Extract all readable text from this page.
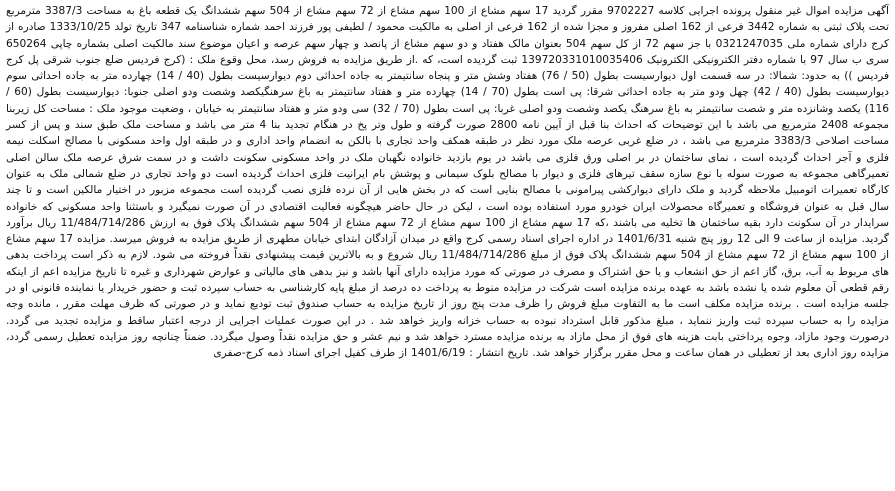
آگهی مزایده اموال غیر منقول پرونده اجرایی کلاسه 9702227 مقرر گردید 17 سهم مشاع از 100 سهم مشاع از 72 سهم مشاع از 504 سهم ششدانگ یک قطعه باغ به مساحت 3387/3 مترمربع تحت پلاک ثبتی به شماره 3442 فرعی از 162 اصلی مفروز و مجزا شده از 162 فرعی از اصلی به مالکیت محمود / لطیفی پور فرزند احمد شماره شناسنامه 347 تاریخ تولد 1333/10/25 صادره از کرج دارای شماره ملی 0321247035 با جز سهم 72 از کل سهم 504 بعنوان مالک هفتاد و دو سهم مشاع از پانصد و چهار سهم عرصه و اعیان موضوع سند مالکیت اصلی بشماره چاپی 650264 سری ب سال 97 با شماره دفتر الکترونیکی الکترونیک 139720331010035406 ثبت گردیده است، که .از طریق مزایده به فروش رسد، محل وقوع ملک : (کرج فردیس ضلع جنوب شرقی پل کرج فردیس )) به حدود: شمالا: در سه قسمت اول دیوارسیست بطول (50 / 76) هفتاد وشش متر و پنجاه سانتیمتر به جاده احداثی دوم دیوارسیست بطول (40 / 14) چهارده متر به جاده احداثی سوم دیوارسیست بطول (40 / 42) چهل ودو متر به جاده احداثی شرقا: پی است بطول (70 / 14) چهارده متر و هفتاد سانتیمتر به باغ سرهنگیکصد وشصت ودو اصلی جنوبا: دیوارسیست بطول (60 / 116) یکصد وشانزده متر و شصت سانتیمتر به باغ سرهنگ یکصد وشصت ودو اصلی غربا: پی است بطول (70 / 32) سی ودو متر و هفتاد سانتیمتر به خیابان ، وضعیت موجود ملک : مساحت کل زیربنا مجموعه 2408 مترمربع می باشد با این توضیحات که احداث بنا قبل از آیین نامه 2800 صورت گرفته و طول وتر پخ در هنگام تجدید بنا 4 متر می باشد و مساحت ملک طبق سند و پس از کسر مساحت اصلاحی 3383/3 مترمربع می باشد ، در ضلع غربی عرصه ملک مورد نظر در طبقه همکف واحد تجاری با بالکن به انضمام واحد اداری و در طبقه اول واحد مسکونی با مصالح اسکلت نیمه فلزی و آجر احداث گردیده است ، نمای ساختمان در بر اصلی ورق فلزی می باشد در یوم بازدید خانواده نگهبان ملک در واحد مسکونی سکونت داشت و در سمت شرق عرصه ملک سالن اصلی تعمیرگاهی مجموعه به صورت سوله با نوع سازه سقف تیرهای فلزی و دیوار با مصالح بلوک سیمانی و پوشش بام ایرانیت فلزی احداث گردیده است دو واحد تجاری در ضلع شمالی ملک به عنوان کارگاه تعمیرات اتومبیل ملاحظه گردید و ملک دارای دیوارکشی پیرامونی با مصالح بنایی است که در بخش هایی از آن نرده فلزی نصب گردیده است مجموعه مزبور در اختیار مالکین است و تا چند سال قبل به عنوان فروشگاه و تعمیرگاه محصولات ایران خودرو مورد استفاده بوده است ، لیکن در حال حاضر هیچگونه فعالیت اقتصادی در آن صورت نمیگیرد و باستثنا واحد مسکونی که خانواده سرایدار در آن سکونت دارد بقیه ساختمان ها تخلیه می باشند ،که 17 سهم مشاع از 100 سهم مشاع از 72 سهم مشاع از 504 سهم ششدانگ پلاک فوق به ارزش 11/484/714/286 ریال برآورد گردید. مزایده از ساعت 9 الی 12 روز پنج شنبه 1401/6/31 در اداره اجرای اسناد رسمی کرج واقع در میدان آزادگان ابتدای خیابان مطهری از طریق مزایده به فروش میرسد. مزایده 17 سهم مشاع از 100 سهم مشاع از 72 سهم مشاع از 504 سهم ششدانگ پلاک فوق از مبلغ 11/484/714/286 ریال شروع و به بالاترین قیمت پیشنهادی نقداً فروخته می شود. لازم به ذکر است پرداخت بدهی های مربوط به آب، برق، گاز اعم از حق انشعاب و یا حق اشتراک و مصرف در صورتی که مورد مزایده دارای آنها باشد و نیز بدهی های مالیاتی و عوارض شهرداری و غیره تا تاریخ مزایده اعم از اینکه رقم قطعی آن معلوم شده یا نشده باشد به عهده برنده مزایده است شرکت در مزایده منوط به پرداخت ده درصد از مبلغ پایه کارشناسی به حساب سپرده ثبت و حضور خریدار یا نماینده قانونی او در جلسه مزایده است . برنده مزایده مکلف است ما به التفاوت مبلغ فروش را ظرف مدت پنج روز از تاریخ مزایده به حساب صندوق ثبت تودیع نماید و در صورتی که ظرف مهلت مقرر ، مانده وجه مزایده را به حساب سپرده ثبت واریز ننماید ، مبلغ مذکور قابل استرداد نبوده به حساب خزانه واریز خواهد شد . در این صورت عملیات اجرایی از درجه اعتبار ساقط و مزایده تجدید می گردد. درصورت وجود مازاد، وجوه پرداختی بابت هزینه های فوق از محل مازاد به برنده مزایده مسترد خواهد شد و نیم عشر و حق مزایده نقداً وصول میگردد. ضمناً چنانچه روز مزایده تعطیل رسمی گردد، مزایده روز اداری بعد از تعطیلی در همان ساعت و محل مقرر برگزار خواهد شد. تاریخ انتشار : 1401/6/19 از طرف کفیل اجرای اسناد ذمه کرج-صفری
